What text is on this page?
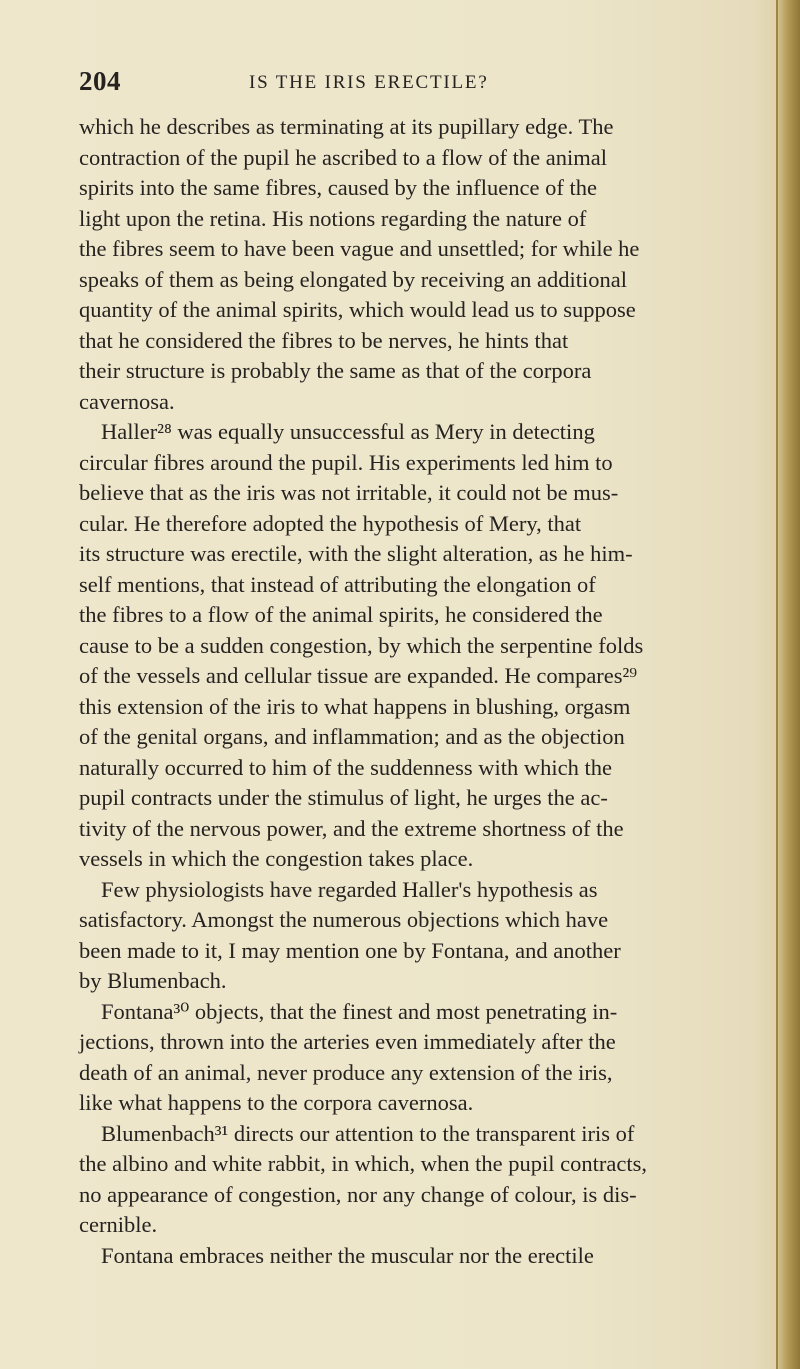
204	IS THE IRIS ERECTILE?
which he describes as terminating at its pupillary edge. The
contraction of the pupil he ascribed to a flow of the animal
spirits into the same fibres, caused by the influence of the
light upon the retina. His notions regarding the nature of
the fibres seem to have been vague and unsettled; for while he
speaks of them as being elongated by receiving an additional
quantity of the animal spirits, which would lead us to suppose
that he considered the fibres to be nerves, he hints that
their structure is probably the same as that of the corpora
cavernosa.
Haller²⁸ was equally unsuccessful as Mery in detecting
circular fibres around the pupil. His experiments led him to
believe that as the iris was not irritable, it could not be mus-
cular. He therefore adopted the hypothesis of Mery, that
its structure was erectile, with the slight alteration, as he him-
self mentions, that instead of attributing the elongation of
the fibres to a flow of the animal spirits, he considered the
cause to be a sudden congestion, by which the serpentine folds
of the vessels and cellular tissue are expanded. He compares²⁹
this extension of the iris to what happens in blushing, orgasm
of the genital organs, and inflammation; and as the objection
naturally occurred to him of the suddenness with which the
pupil contracts under the stimulus of light, he urges the ac-
tivity of the nervous power, and the extreme shortness of the
vessels in which the congestion takes place.
Few physiologists have regarded Haller's hypothesis as
satisfactory. Amongst the numerous objections which have
been made to it, I may mention one by Fontana, and another
by Blumenbach.
Fontana³⁰ objects, that the finest and most penetrating in-
jections, thrown into the arteries even immediately after the
death of an animal, never produce any extension of the iris,
like what happens to the corpora cavernosa.
Blumenbach³¹ directs our attention to the transparent iris of
the albino and white rabbit, in which, when the pupil contracts,
no appearance of congestion, nor any change of colour, is dis-
cernible.
Fontana embraces neither the muscular nor the erectile
